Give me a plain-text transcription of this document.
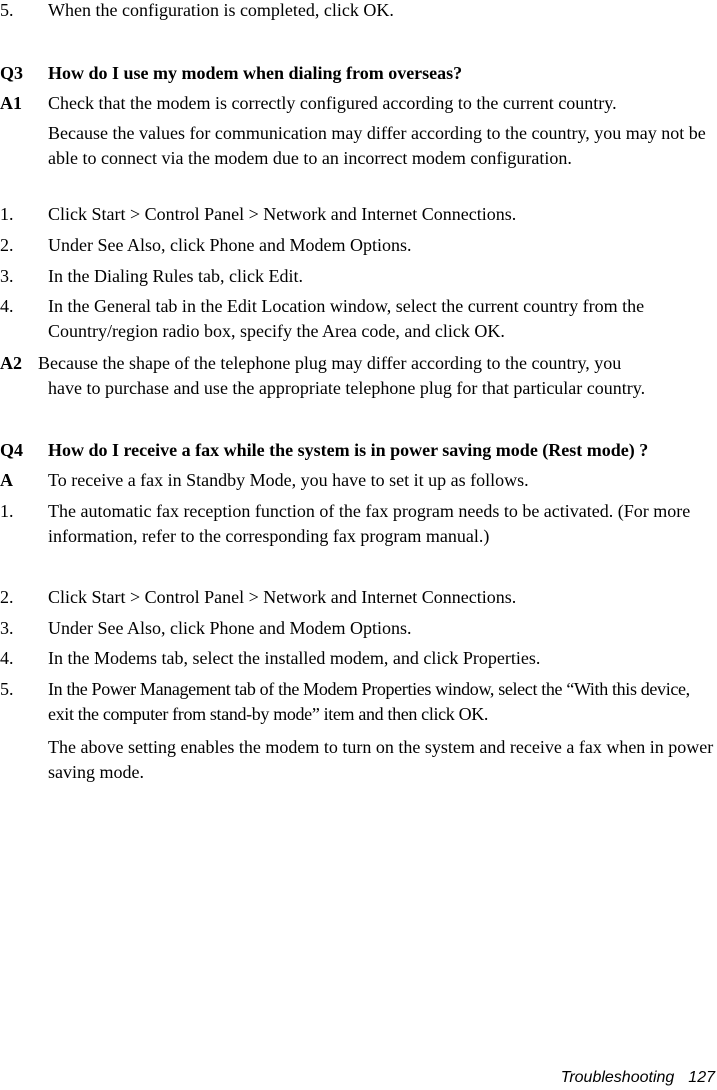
5. When the configuration is completed, click OK.
Q3 How do I use my modem when dialing from overseas?
A1 Check that the modem is correctly configured according to the current country.
Because the values for communication may differ according to the country, you may not be able to connect via the modem due to an incorrect modem configuration.
1. Click Start > Control Panel > Network and Internet Connections.
2. Under See Also, click Phone and Modem Options.
3. In the Dialing Rules tab, click Edit.
4. In the General tab in the Edit Location window, select the current country from the Country/region radio box, specify the Area code, and click OK.
A2 Because the shape of the telephone plug may differ according to the country, you
have to purchase and use the appropriate telephone plug for that particular country.
Q4 How do I receive a fax while the system is in power saving mode (Rest mode) ?
A To receive a fax in Standby Mode, you have to set it up as follows.
1. The automatic fax reception function of the fax program needs to be activated. (For more information, refer to the corresponding fax program manual.)
2. Click Start > Control Panel > Network and Internet Connections.
3. Under See Also, click Phone and Modem Options.
4. In the Modems tab, select the installed modem, and click Properties.
5. In the Power Management tab of the Modem Properties window, select the “With this device, exit the computer from stand-by mode” item and then click OK.
The above setting enables the modem to turn on the system and receive a fax when in power saving mode.
Troubleshooting 127
